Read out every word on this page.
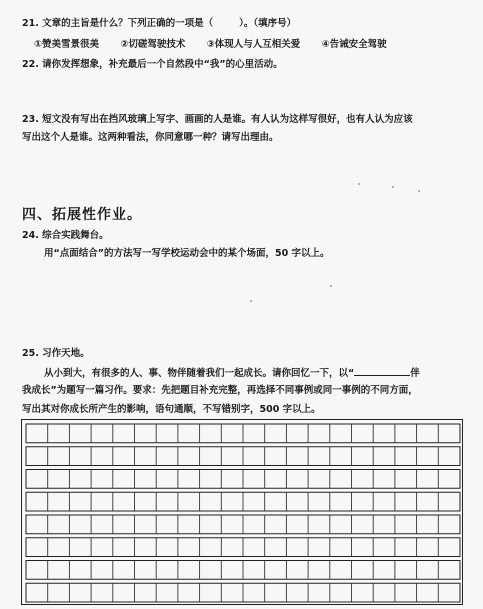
21. 文章的主旨是什么？下列正确的一项是（	）。（填序号）
①赞美雪景很美 ②切磋驾驶技术 ③体现人与人互相关爱 ④告诫安全驾驶
22. 请你发挥想象，补充最后一个自然段中“我”的心里活动。
23. 短文没有写出在挡风玻璃上写字、画画的人是谁。有人认为这样写很好，也有人认为应该
写出这个人是谁。这两种看法，你同意哪一种？请写出理由。
四、拓展性作业。
24. 综合实践舞台。
用“点面结合”的方法写一写学校运动会中的某个场面，50 字以上。
25. 习作天地。
从小到大，有很多的人、事、物伴随着我们一起成长。请你回忆一下，以“	伴
我成长”为题写一篇习作。要求：先把题目补充完整，再选择不同事例或同一事例的不同方面，
写出其对你成长所产生的影响，语句通顺，不写错别字，500 字以上。
